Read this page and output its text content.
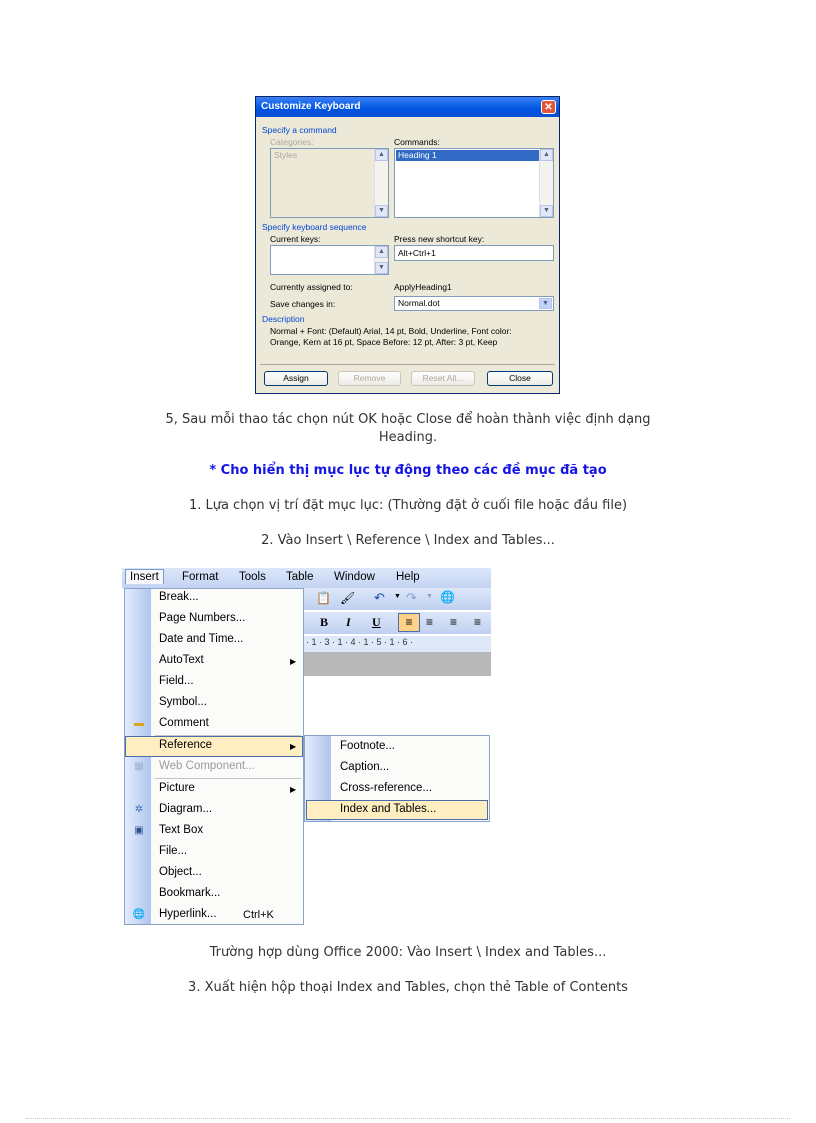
Customize Keyboard	✕
Specify a command
Categories:
Styles	▲
▼
Commands:
Heading 1	▲
▼
Specify keyboard sequence
Current keys:
▲
▼
Press new shortcut key:
Alt+Ctrl+1
Currently assigned to:	ApplyHeading1
Save changes in:	Normal.dot	▼
Description
Normal + Font: (Default) Arial, 14 pt, Bold, Underline, Font color:
Orange, Kern at 16 pt, Space Before: 12 pt, After: 3 pt, Keep
Assign	Remove	Reset All...	Close
5, Sau mỗi thao tác chọn nút OK hoặc Close để hoàn thành việc định dạng
Heading.
* Cho hiển thị mục lục tự động theo các đề mục đã tạo
1. Lựa chọn vị trí đặt mục lục: (Thường đặt ở cuối file hoặc đầu file)
2. Vào Insert \ Reference \ Index and Tables...
Insert	Format Tools Table Window Help
📋 🖌 ↶ ▼ ↷ ▼ 🌐
B I U	≡	≡ ≡ ≡
· 1 · 3 · 1 · 4 · 1 · 5 · 1 · 6 ·
Break...
Page Numbers...
Date and Time...
AutoText	▶
Field...
Symbol...
▬ Comment
Reference	▶
▦ Web Component...
Picture	▶
✲	Diagram...
▣ Text Box
File...
Object...
Bookmark...
🌐 Hyperlink... Ctrl+K
Footnote...
Caption...
Cross-reference...
Index and Tables...
Trường hợp dùng Office 2000: Vào Insert \ Index and Tables...
3. Xuất hiện hộp thoại Index and Tables, chọn thẻ Table of Contents
